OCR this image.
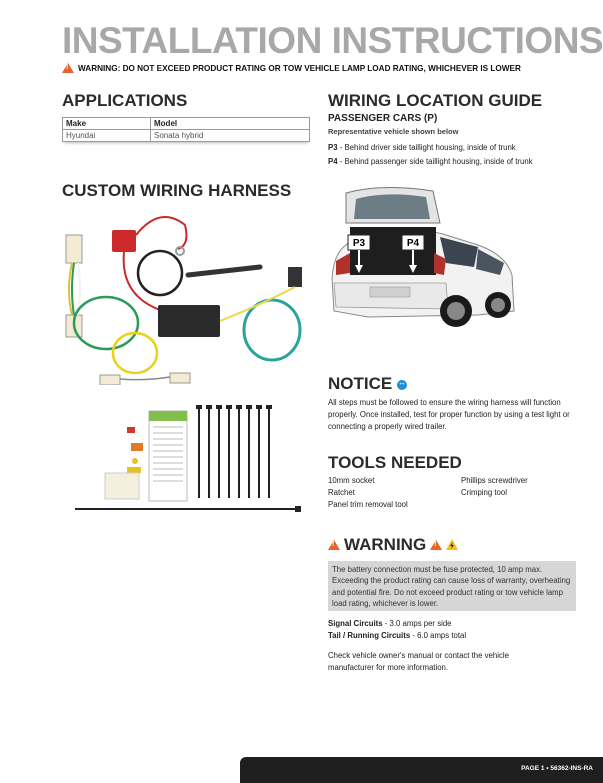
INSTALLATION INSTRUCTIONS
!
WARNING: DO NOT EXCEED PRODUCT RATING OR TOW VEHICLE LAMP LOAD RATING, WHICHEVER IS LOWER
APPLICATIONS
Make	Model
Hyundai	Sonata hybrid
WIRING LOCATION GUIDE
PASSENGER CARS (P)
Representative vehicle shown below
P3 - Behind driver side taillight housing, inside of trunk
P4 - Behind passenger side taillight housing, inside of trunk
P3	P4
CUSTOM WIRING HARNESS
NOTICE ↔
All steps must be followed to ensure the wiring harness will function properly. Once installed, test for proper function by using a test light or connecting a properly wired trailer.
TOOLS NEEDED
10mm socket
Ratchet
Panel trim removal tool
Phillips screwdriver
Crimping tool
!
WARNING
!
The battery connection must be fuse protected, 10 amp max. Exceeding the product rating can cause loss of warranty, overheating and potential fire. Do not exceed product rating or tow vehicle lamp load rating, whichever is lower.
Signal Circuits - 3.0 amps per side
Tail / Running Circuits - 6.0 amps total
Check vehicle owner's manual or contact the vehicle manufacturer for more information.
PAGE 1 • 56362-INS-RA
